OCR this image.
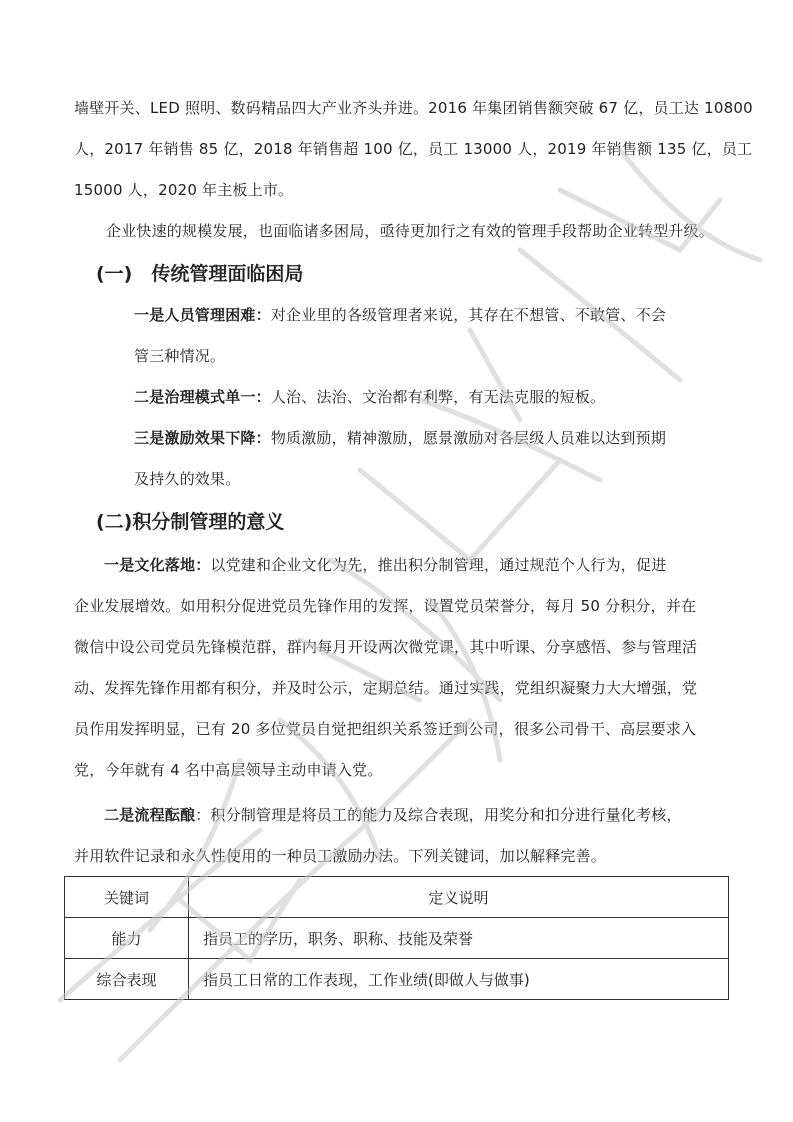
墙壁开关、LED 照明、数码精品四大产业齐头并进。2016 年集团销售额突破 67 亿，员工达 10800
人，2017 年销售 85 亿，2018 年销售超 100 亿，员工 13000 人，2019 年销售额 135 亿，员工
15000 人，2020 年主板上市。
企业快速的规模发展，也面临诸多困局，亟待更加行之有效的管理手段帮助企业转型升级。
(一)　传统管理面临困局
一是人员管理困难：对企业里的各级管理者来说，其存在不想管、不敢管、不会
管三种情况。
二是治理模式单一：人治、法治、文治都有利弊，有无法克服的短板。
三是激励效果下降：物质激励，精神激励，愿景激励对各层级人员难以达到预期
及持久的效果。
(二)积分制管理的意义
一是文化落地：以党建和企业文化为先，推出积分制管理，通过规范个人行为，促进
企业发展增效。如用积分促进党员先锋作用的发挥，设置党员荣誉分，每月 50 分积分，并在
微信中设公司党员先锋模范群，群内每月开设两次微党课，其中听课、分享感悟、参与管理活
动、发挥先锋作用都有积分，并及时公示，定期总结。通过实践，党组织凝聚力大大增强，党
员作用发挥明显，已有 20 多位党员自觉把组织关系签迁到公司，很多公司骨干、高层要求入
党，今年就有 4 名中高层领导主动申请入党。
二是流程酝酿：积分制管理是将员工的能力及综合表现，用奖分和扣分进行量化考核，
并用软件记录和永久性使用的一种员工激励办法。下列关键词，加以解释完善。
关键词	定义说明
能力	指员工的学历，职务、职称、技能及荣誉
综合表现	指员工日常的工作表现，工作业绩(即做人与做事)
